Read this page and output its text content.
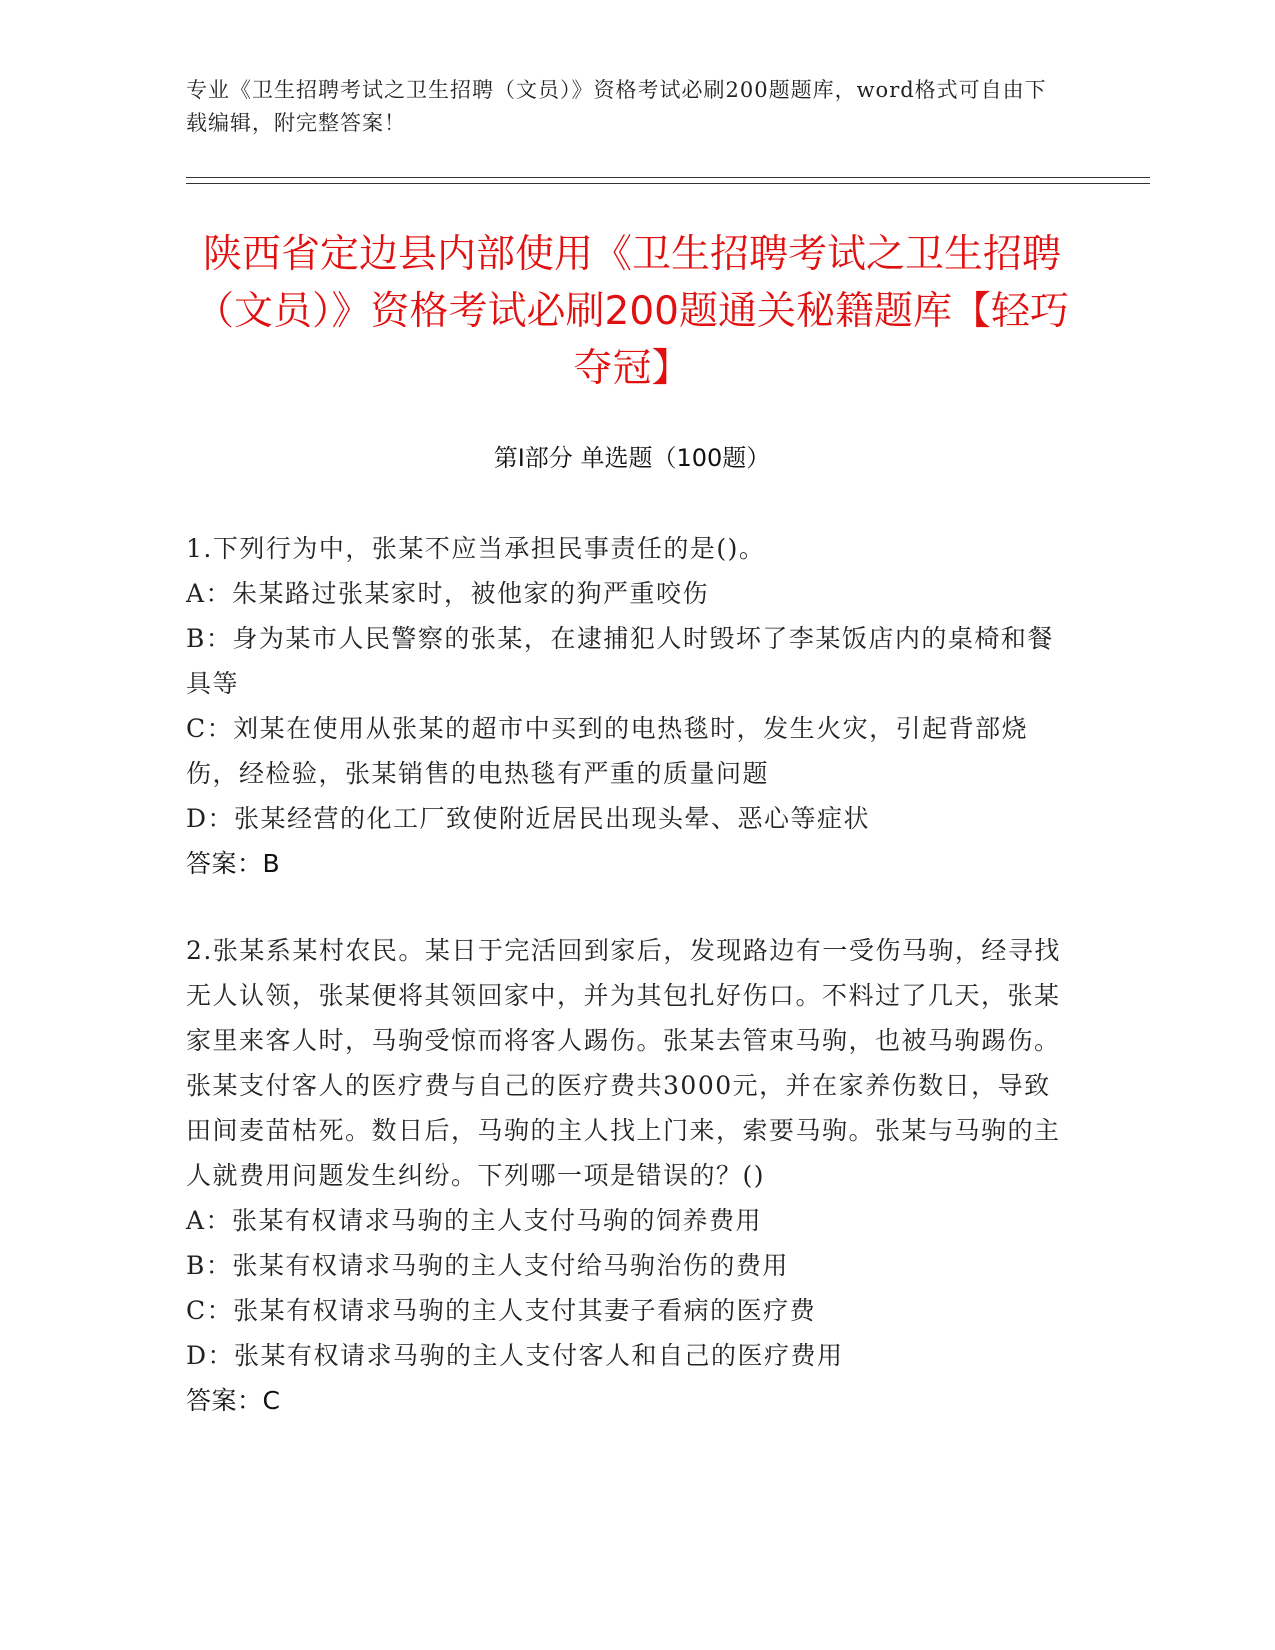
专业《卫生招聘考试之卫生招聘（文员）》资格考试必刷200题题库，word格式可自由下载编辑，附完整答案！
陕西省定边县内部使用《卫生招聘考试之卫生招聘（文员）》资格考试必刷200题通关秘籍题库【轻巧夺冠】
第I部分 单选题（100题）

1.下列行为中，张某不应当承担民事责任的是()。

A：朱某路过张某家时，被他家的狗严重咬伤

B：身为某市人民警察的张某，在逮捕犯人时毁坏了李某饭店内的桌椅和餐具等

C：刘某在使用从张某的超市中买到的电热毯时，发生火灾，引起背部烧伤，经检验，张某销售的电热毯有严重的质量问题

D：张某经营的化工厂致使附近居民出现头晕、恶心等症状

答案：B

2.张某系某村农民。某日于完活回到家后，发现路边有一受伤马驹，经寻找无人认领，张某便将其领回家中，并为其包扎好伤口。不料过了几天，张某家里来客人时，马驹受惊而将客人踢伤。张某去管束马驹，也被马驹踢伤。张某支付客人的医疗费与自己的医疗费共3000元，并在家养伤数日，导致田间麦苗枯死。数日后，马驹的主人找上门来，索要马驹。张某与马驹的主人就费用问题发生纠纷。下列哪一项是错误的？()

A：张某有权请求马驹的主人支付马驹的饲养费用

B：张某有权请求马驹的主人支付给马驹治伤的费用

C：张某有权请求马驹的主人支付其妻子看病的医疗费

D：张某有权请求马驹的主人支付客人和自己的医疗费用

答案：C
